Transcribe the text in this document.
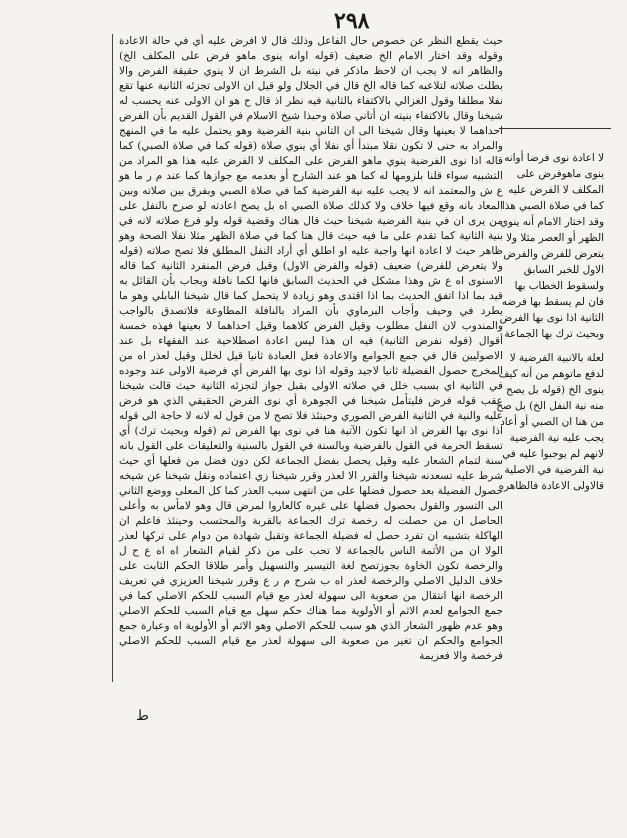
٢٩٨

حيث يقطع النظر عن خصوص حال الفاعل وذلك قال لا افرض عليه أي في حالة الاعادة وقوله وقد اختار الامام الخ ضعيف (قوله اوانه ينوى ماهو فرض على المكلف الخ) والظاهر انه لا يجب ان لاحظ ماذكر في نيته بل الشرط ان لا ينوي حقيقة الفرض والا بطلت صلاته لتلاعبه كما قاله الخ قال في الجلال ولو قيل ان الاولى تجزئه الثانية عنها تقع نفلا مطلقا وقول الغزالي بالاكتفاء بالثانية فيه نظر اذ قال ح هو ان الاولى عنه يحسب له شيخنا وقال بالاكتفاء بنيته ان أتاني صلاة وحبذا شيخ الاسلام في القول القديم بأن الفرض احداهما لا بعينها وقال شيخنا الى ان التاني بنية الفرضية وهو يحتمل عليه ما في المنهج والمراد به حتى لا تكون نقلا مبتدأ أي نفلا أي ينوي صلاة (قوله كما في صلاة الصبي) كما قاله اذا نوى الفرضية ينوي ماهو الفرض على المكلف لا الفرض عليه هذا هو المراد من التشبيه سواء قلنا بلزومها له كما هو عند الشارح أو بعدمه مع جوازها كما عند م ر ما هو ع ش والمعتمد انه لا يجب عليه نية الفرضية كما في صلاة الصبي وبفرق بين صلاته وبين المعاد بانه وقع فيها خلاف ولا كذلك صلاة الصبي اه بل يصح اعادته لو صرح بالنفل على من يرى ان في بنية الفرضية شيخنا حيث قال هناك وقضية قوله ولو فرع صلاته لانه في بنية الثانية كما تقدم على ما فيه حيث قال هنا كما في صلاة الظهر مثلا نفلا الصحة وهو ظاهر حيث لا اعادة انها واجبة عليه او اطلق أي أراد النفل المطلق فلا تصح صلاته (قوله ولا يتعرض للفرض) ضعيف (قوله والفرض الاول) وقيل فرض المنفرد الثانية كما قاله الاسنوى اه ع ش وهذا مشكل في الحديث السابق فانها لكما نافلة وبجاب بأن القائل به قيد بما اذا اتفق الحديث بما اذا اقتدى وهو زيادة لا يتحمل كما قال شيخنا البابلي وهو ما يطرد في وحيف وأجاب البرماوي بأن المراد بالنافلة المطاوعة فلاتصدق بالواجب والمندوب لان النفل مطلوب وقيل الفرض كلاهما وقيل احداهما لا بعينها فهذه خمسة أقوال (قوله نفرض الثانية) فيه ان هذا ليس اعادة اصطلاحية عند الفقهاء بل عند الاصوليين قال في جمع الجوامع والاعادة فعل العبادة ثانيا قيل لخلل وقيل لعذر اه من المخرج حصول الفضيلة ثانيا لاجيد وقوله اذا نوى بها الفرض أي فرضية الاولى عند وجوده في الثانية اي بسبب خلل في صلاته الاولى بقبل جواز لتجزئه الثانية حيث قالت شيخنا عقب قوله فرض فليتأمل شيخنا في الجوهرة أي نوى الفرض الحقيقي الذي هو فرض عليه والنية في الثانية الفرض الصوري وحينئذ فلا تصح لا من قول له لانه لا حاجة الى قوله اذا نوى بها الفرض اذ انها تكون الآتية هنا في نوى بها الفرض ثم (قوله وبحيث ترك) أي تسقط الحرمة في القول بالفرضية وبالسنة في القول بالسنية والتعليقات على القول بانه سنة لتمام الشعار عليه وقيل يحصل بفضل الجماعة لكن دون فضل من فعلها أي حيث شرط عليه تسعدنه شيخنا والقرر الا لعذر وقرر شيخنا زي اعتماده ونقل شيخنا عن شيخه حصول الفضيلة بعد حصول فضلها على من انتهى سبب العذر كما كل المعلى ووضع الثاني الى التسور والقول بحصول فضلها على غيره كالعاروا لمرض قال وهو لامأس به وأعلى الحاصل ان من حصلت له رخصة ترك الجماعة بالقربة والمحتسب وحينئذ فاعلم ان الهاكلة بتشبيه ان تفرد حصل له فضيلة الجماعة وتقبل شهادة من دوام على تركها لعذر الولا ان من الأثمة الناس بالجماعة لا تحب على من ذكر لقيام الشعار اه اه ع ح ل والرخصة تكون الخاوة بجوزتصح لغة التيسير والتسهيل وأمر طلاقا الحكم الثابت على خلاف الدليل الاصلي والرخصة لعذر اه ب شرح م ر ع وقرر شيخنا العزيزي في تعريف الرخصة انها انتقال من صعوبة الى سهولة لعذر مع قيام السبب للحكم الاصلي كما في جمع الجوامع لعدم الاثم أو الأولوية مما هناك حكم سهل مع قيام السبب للحكم الاصلي وهو عدم ظهور الشعار الذي هو سبب للحكم الاصلي وهو الاثم أو الأولوية اه وعبارة جمع الجوامع والحكم ان تغير من صعوبة الى سهولة لعذر مع قيام السبب للحكم الاصلي فرخصة والا فعزيمة

لا اعادة نوى فرضا أوانه ينوى ماهوفرض على المكلف لا الفرض عليه كما في صلاة الصبي هذا وقد اختار الامام أنه ينوي الظهر أو العصر مثلا ولا يتعرض للفرض والفرض الاول للخبر السابق ولسقوط الخطاب بها فان لم يسقط بها فرضه الثانية اذا نوى بها الفرض وبحيث ترك بها الجماعة

لعلة بالانبية الفرضية لا لدفع ماتوهم من أنه كيف ينوى الخ (قوله بل يصح منه نية النفل الخ) بل صح من هنا ان الصبي أو أعاد يجب عليه نية الفرضية لانهم لم يوجبوا عليه في نية الفرضية في الاصلية قالاولى الاعادة فالظاهره

ط
